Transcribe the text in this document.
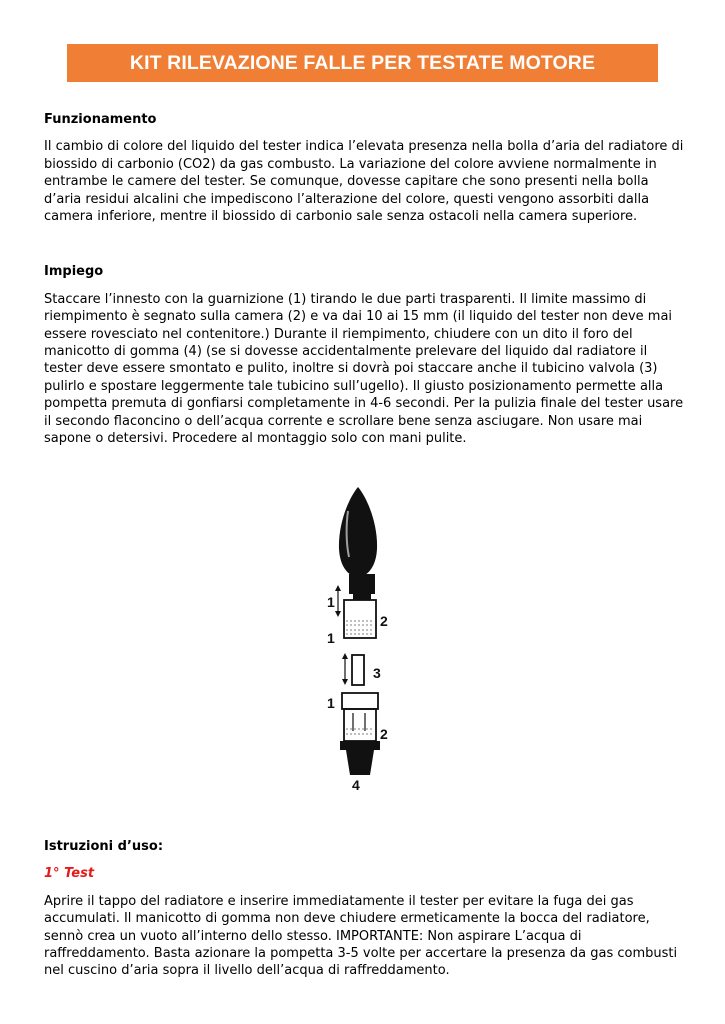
KIT RILEVAZIONE FALLE PER TESTATE MOTORE

Funzionamento

Il cambio di colore del liquido del tester indica l’elevata presenza nella bolla d’aria del radiatore di biossido di carbonio (CO2) da gas combusto. La variazione del colore avviene normalmente in entrambe le camere del tester. Se comunque, dovesse capitare che sono presenti nella bolla d’aria residui alcalini che impediscono l’alterazione del colore, questi vengono assorbiti dalla camera inferiore, mentre il biossido di carbonio sale senza ostacoli nella camera superiore.

Impiego

Staccare l’innesto con la guarnizione (1) tirando le due parti trasparenti. Il limite massimo di riempimento è segnato sulla camera (2) e va dai 10 ai 15 mm (il liquido del tester non deve mai essere rovesciato nel contenitore.) Durante il riempimento, chiudere con un dito il foro del manicotto di gomma (4) (se si dovesse accidentalmente prelevare del liquido dal radiatore il tester deve essere smontato e pulito, inoltre si dovrà poi staccare anche il tubicino valvola (3) pulirlo e spostare leggermente tale tubicino sull’ugello). Il giusto posizionamento permette alla pompetta premuta di gonfiarsi completamente in 4-6 secondi. Per la pulizia finale del tester usare il secondo flaconcino o dell’acqua corrente e scrollare bene senza asciugare. Non usare mai sapone o detersivi. Procedere al montaggio solo con mani pulite.

1
2
1
3
1
2
4

Istruzioni d’uso:

1° Test

Aprire il tappo del radiatore e inserire immediatamente il tester per evitare la fuga dei gas accumulati. Il manicotto di gomma non deve chiudere ermeticamente la bocca del radiatore, sennò crea un vuoto all’interno dello stesso. IMPORTANTE: Non aspirare L’acqua di raffreddamento. Basta azionare la pompetta 3-5 volte per accertare la presenza da gas combusti nel cuscino d’aria sopra il livello dell’acqua di raffreddamento.
